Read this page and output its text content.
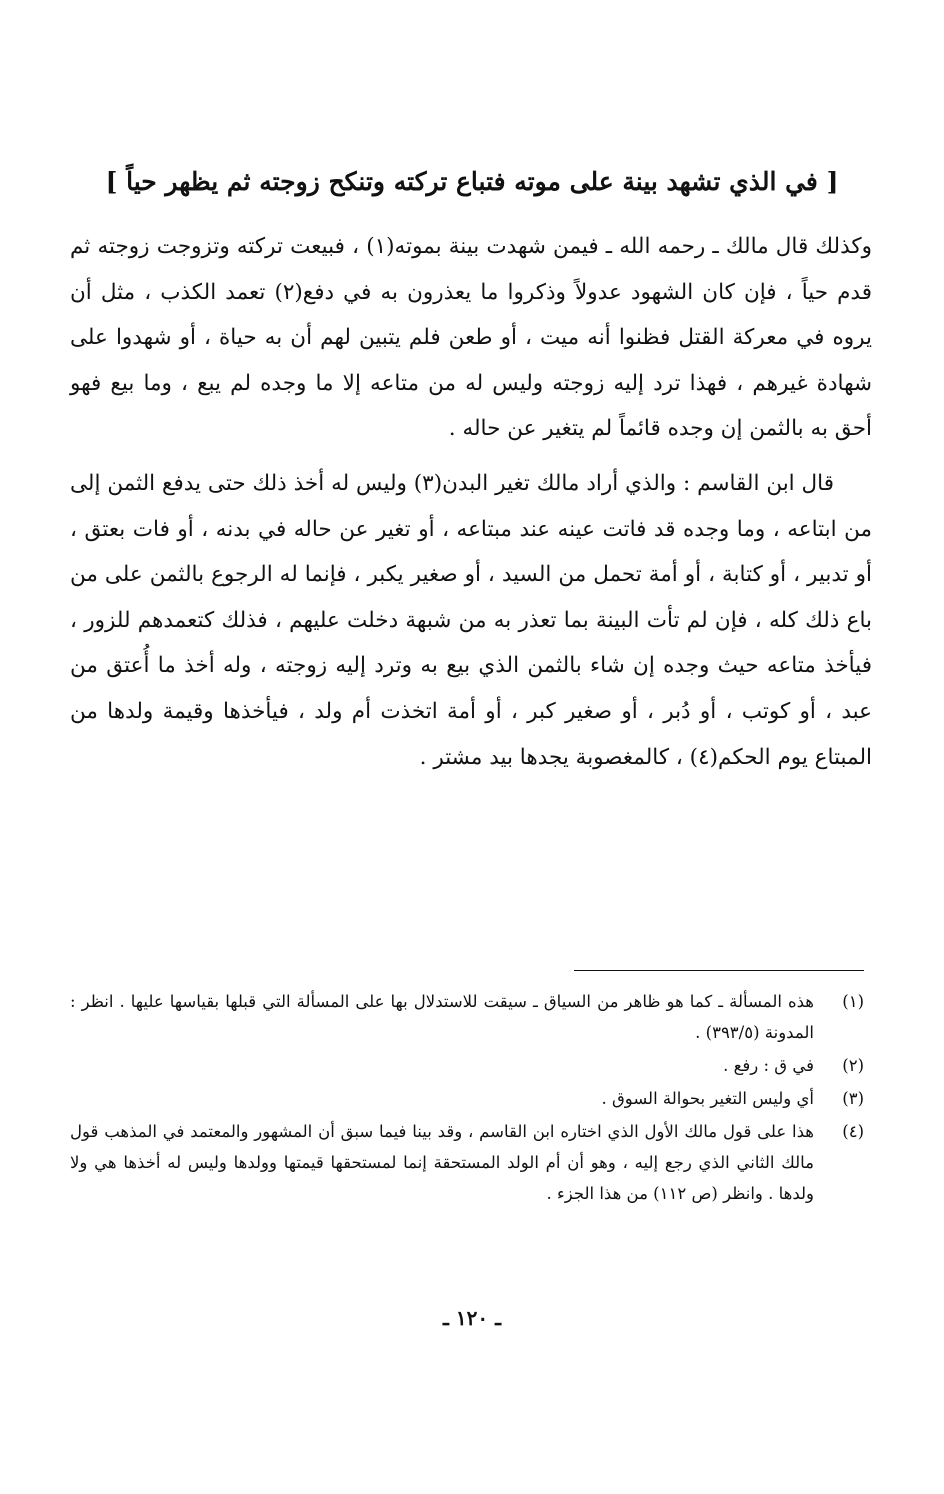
[ في الذي تشهد بينة على موته فتباع تركته وتنكح زوجته ثم يظهر حياً ]

وكذلك قال مالك ـ رحمه الله ـ فيمن شهدت بينة بموته(١) ، فبيعت تركته وتزوجت زوجته ثم قدم حياً ، فإن كان الشهود عدولاً وذكروا ما يعذرون به في دفع(٢) تعمد الكذب ، مثل أن يروه في معركة القتل فظنوا أنه ميت ، أو طعن فلم يتبين لهم أن به حياة ، أو شهدوا على شهادة غيرهم ، فهذا ترد إليه زوجته وليس له من متاعه إلا ما وجده لم يبع ، وما بيع فهو أحق به بالثمن إن وجده قائماً لم يتغير عن حاله .

قال ابن القاسم : والذي أراد مالك تغير البدن(٣) وليس له أخذ ذلك حتى يدفع الثمن إلى من ابتاعه ، وما وجده قد فاتت عينه عند مبتاعه ، أو تغير عن حاله في بدنه ، أو فات بعتق ، أو تدبير ، أو كتابة ، أو أمة تحمل من السيد ، أو صغير يكبر ، فإنما له الرجوع بالثمن على من باع ذلك كله ، فإن لم تأت البينة بما تعذر به من شبهة دخلت عليهم ، فذلك كتعمدهم للزور ، فيأخذ متاعه حيث وجده إن شاء بالثمن الذي بيع به وترد إليه زوجته ، وله أخذ ما أُعتق من عبد ، أو كوتب ، أو دُبر ، أو صغير كبر ، أو أمة اتخذت أم ولد ، فيأخذها وقيمة ولدها من المبتاع يوم الحكم(٤) ، كالمغصوبة يجدها بيد مشتر .

(١)
هذه المسألة ـ كما هو ظاهر من السياق ـ سيقت للاستدلال بها على المسألة التي قبلها بقياسها عليها . انظر : المدونة (٣٩٣/٥) .
(٢)
في ق : رفع .
(٣)
أي وليس التغير بحوالة السوق .
(٤)
هذا على قول مالك الأول الذي اختاره ابن القاسم ، وقد بينا فيما سبق أن المشهور والمعتمد في المذهب قول مالك الثاني الذي رجع إليه ، وهو أن أم الولد المستحقة إنما لمستحقها قيمتها وولدها وليس له أخذها هي ولا ولدها . وانظر (ص ١١٢) من هذا الجزء .
ـ ١٢٠ ـ
